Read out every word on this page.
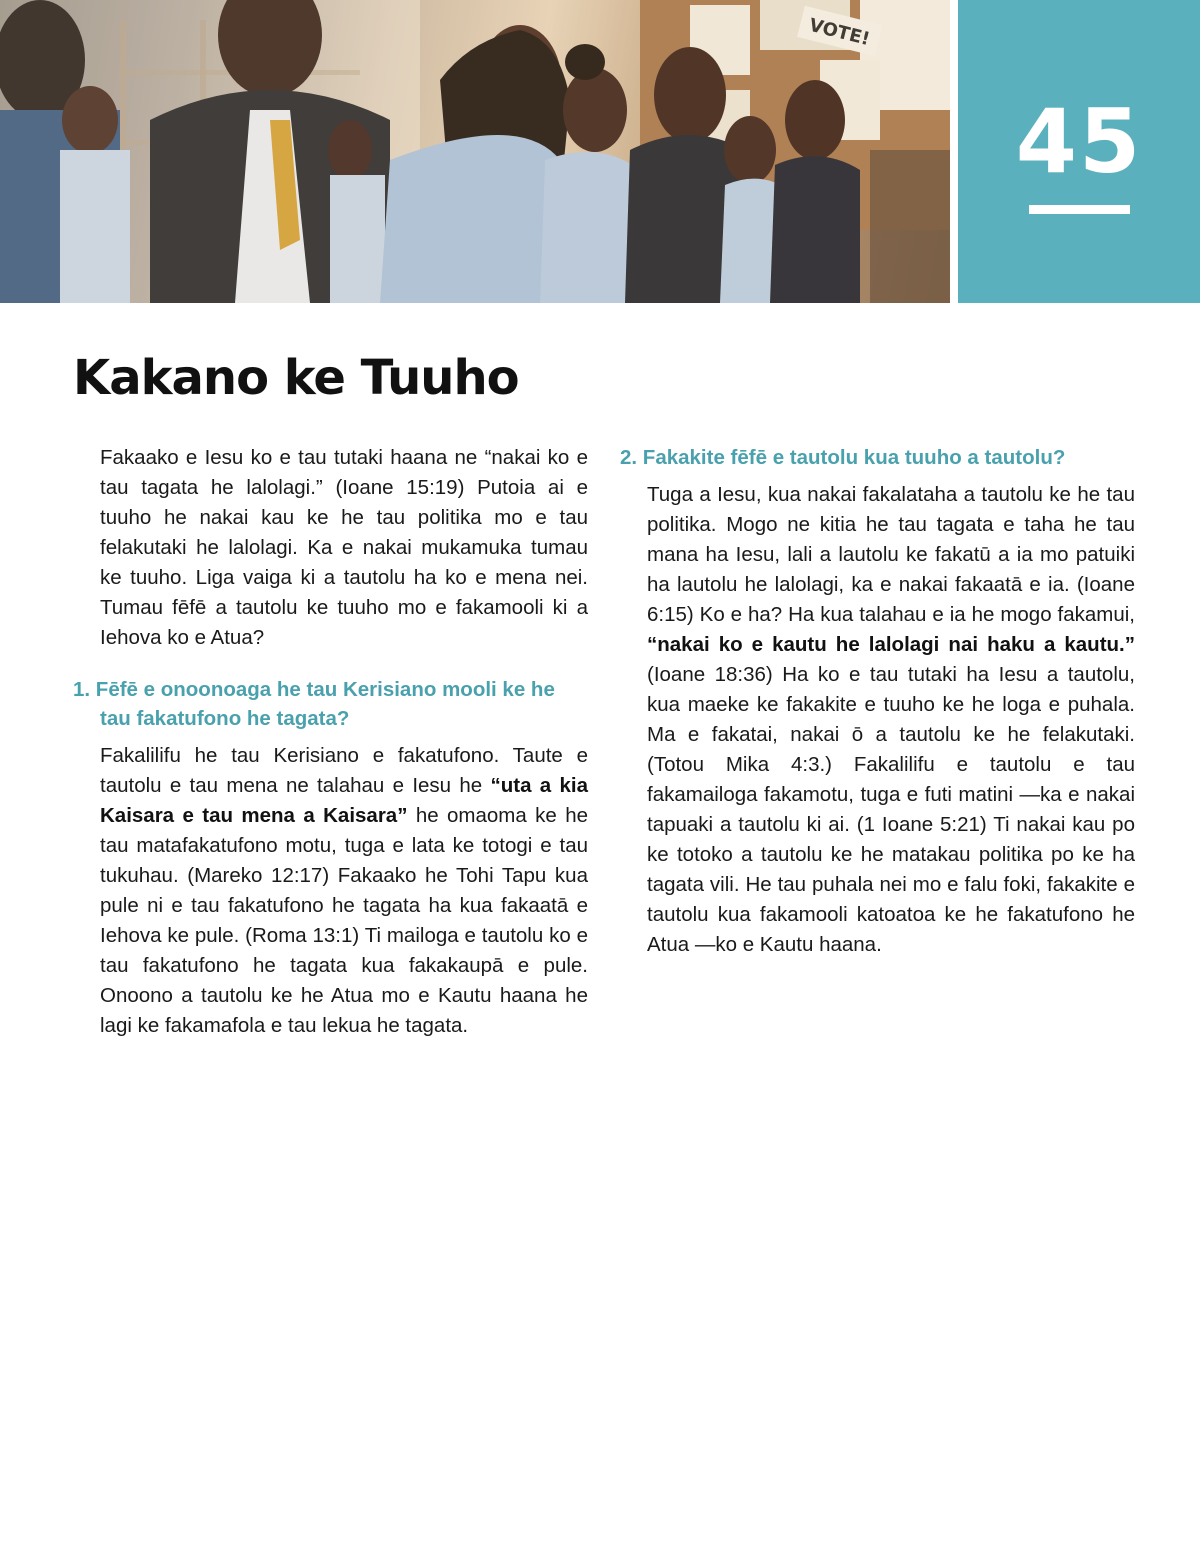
VOTE!
45
Kakano ke Tuuho

Fakaako e Iesu ko e tau tutaki haana ne “nakai ko e tau tagata he lalolagi.” (Ioane 15:19) Putoia ai e tuuho he nakai kau ke he tau politika mo e tau felakutaki he lalolagi. Ka e nakai mukamuka tumau ke tuuho. Liga vaiga ki a tautolu ha ko e mena nei. Tumau fēfē a tautolu ke tuuho mo e fakamooli ki a Iehova ko e Atua?

1. Fēfē e onoonoaga he tau Kerisiano mooli ke he tau fakatufono he tagata?

Fakalilifu he tau Kerisiano e fakatufono. Taute e tautolu e tau mena ne talahau e Iesu he “uta a kia Kaisara e tau mena a Kaisara” he omaoma ke he tau matafakatufono motu, tuga e lata ke totogi e tau tukuhau. (Mareko 12:17) Fakaako he Tohi Tapu kua pule ni e tau fakatufono he tagata ha kua fakaatā e Iehova ke pule. (Roma 13:1) Ti mailoga e tautolu ko e tau fakatufono he tagata kua fakakaupā e pule. Onoono a tautolu ke he Atua mo e Kautu haana he lagi ke fakamafola e tau lekua he tagata.

2. Fakakite fēfē e tautolu kua tuuho a tautolu?

Tuga a Iesu, kua nakai fakalataha a tautolu ke he tau politika. Mogo ne kitia he tau tagata e taha he tau mana ha Iesu, lali a lautolu ke fakatū a ia mo patuiki ha lautolu he lalolagi, ka e nakai fakaatā e ia. (Ioane 6:15) Ko e ha? Ha kua talahau e ia he mogo fakamui, “nakai ko e kautu he lalolagi nai haku a kautu.” (Ioane 18:36) Ha ko e tau tutaki ha Iesu a tautolu, kua maeke ke fakakite e tuuho ke he loga e puhala. Ma e fakatai, nakai ō a tautolu ke he felakutaki. (Totou Mika 4:3.) Fakalilifu e tautolu e tau fakamailoga fakamotu, tuga e futi matini —ka e nakai tapuaki a tautolu ki ai. (1 Ioane 5:21) Ti nakai kau po ke totoko a tautolu ke he matakau politika po ke ha tagata vili. He tau puhala nei mo e falu foki, fakakite e tautolu kua fakamooli katoatoa ke he fakatufono he Atua —ko e Kautu haana.
